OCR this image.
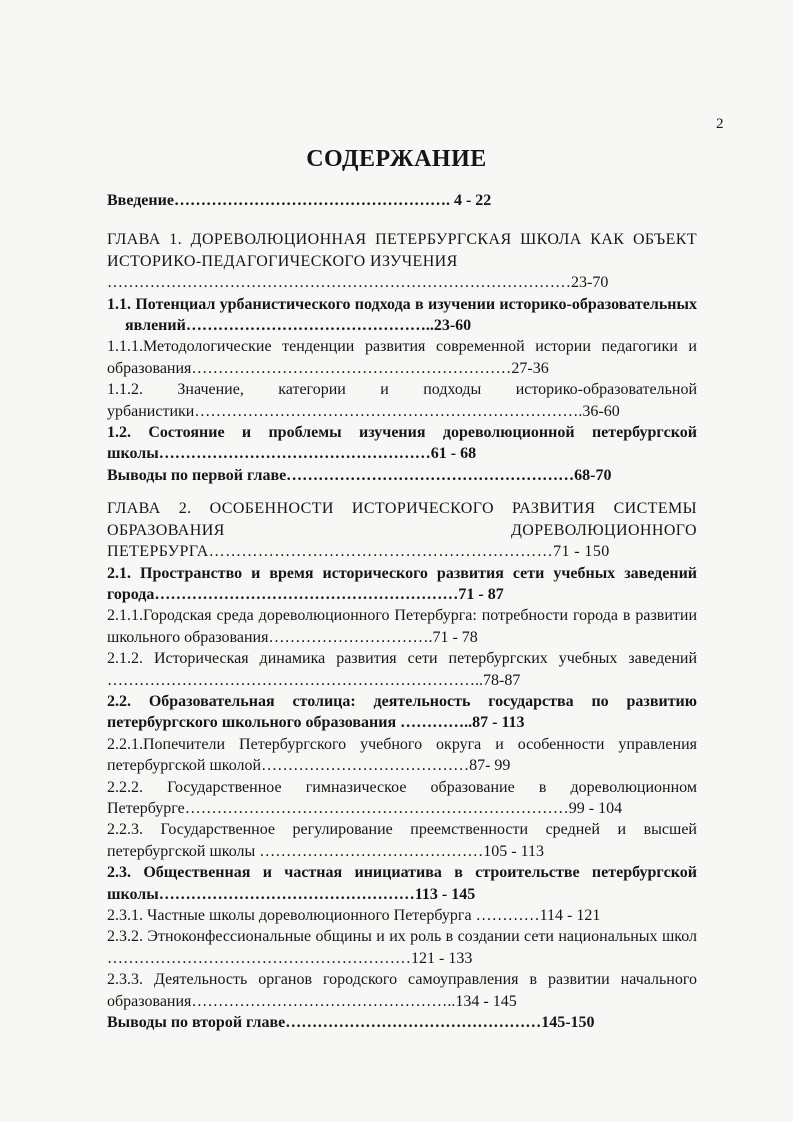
2
СОДЕРЖАНИЕ

Введение……………………………………………. 4 - 22

ГЛАВА 1. ДОРЕВОЛЮЦИОННАЯ ПЕТЕРБУРГСКАЯ ШКОЛА КАК ОБЪЕКТ ИСТОРИКО-ПЕДАГОГИЧЕСКОГО ИЗУЧЕНИЯ

……………………………………………………………………………23-70

1.1. Потенциал урбанистического подхода в изучении историко-образовательных явлений………………………………………..23-60

1.1.1.Методологические тенденции развития современной истории педагогики и образования……………………………………………………27-36

1.1.2. Значение, категории и подходы историко-образовательной урбанистики……………………………………………………………….36-60

1.2. Состояние и проблемы изучения дореволюционной петербургской школы……………………………………………61 - 68

Выводы по первой главе………………………………………………68-70

ГЛАВА 2. ОСОБЕННОСТИ ИСТОРИЧЕСКОГО РАЗВИТИЯ СИСТЕМЫ ОБРАЗОВАНИЯ ДОРЕВОЛЮЦИОННОГО ПЕТЕРБУРГА………………………………………………………71 - 150

2.1. Пространство и время исторического развития сети учебных заведений города…………………………………………………71 - 87

2.1.1.Городская среда дореволюционного Петербурга: потребности города в развитии школьного образования………………………….71 - 78

2.1.2. Историческая динамика развития сети петербургских учебных заведений ……………………………………………………………..78-87

2.2. Образовательная столица: деятельность государства по развитию петербургского школьного образования …………..87 - 113

2.2.1.Попечители Петербургского учебного округа и особенности управления петербургской школой…………………………………87- 99

2.2.2. Государственное гимназическое образование в дореволюционном Петербурге………………………………………………………………99 - 104

2.2.3. Государственное регулирование преемственности средней и высшей петербургской школы ……………………………………105 - 113

2.3. Общественная и частная инициатива в строительстве петербургской школы…………………………………………113 - 145

2.3.1. Частные школы дореволюционного Петербурга …………114 - 121

2.3.2. Этноконфессиональные общины и их роль в создании сети национальных школ …………………………………………………121 - 133

2.3.3. Деятельность органов городского самоуправления в развитии начального образования…………………………………………..134 - 145

Выводы по второй главе…………………………………………145-150
